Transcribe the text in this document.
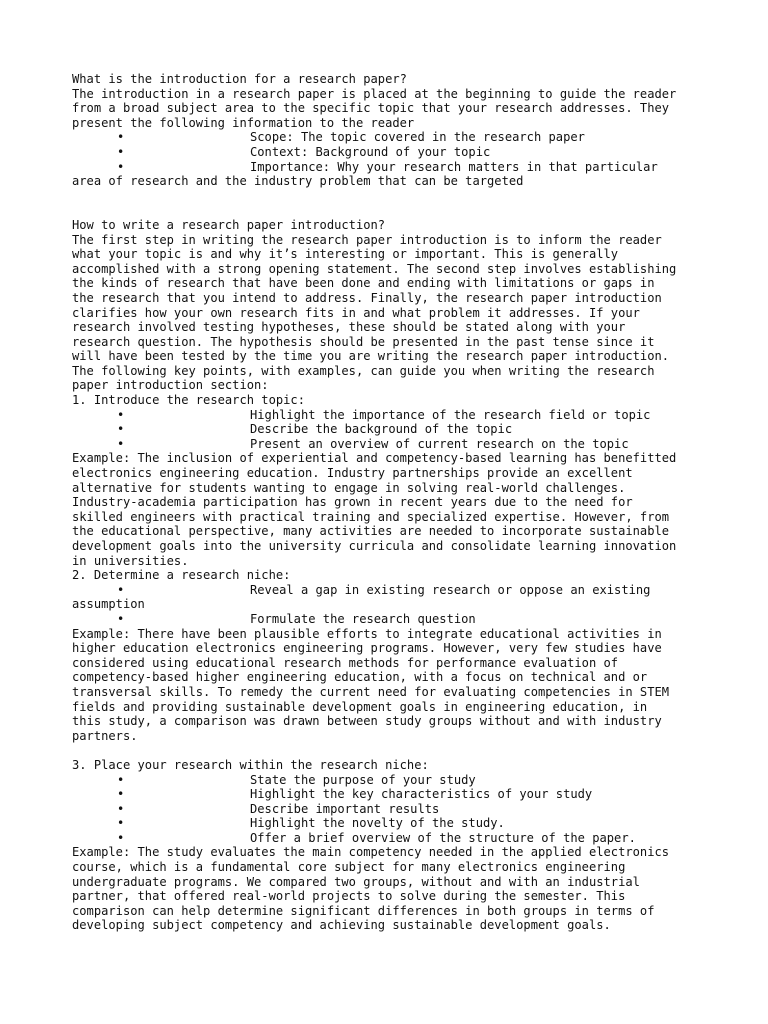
What is the introduction for a research paper?
The introduction in a research paper is placed at the beginning to guide the reader
from a broad subject area to the specific topic that your research addresses. They
present the following information to the reader
•	Scope: The topic covered in the research paper
•	Context: Background of your topic
•	Importance: Why your research matters in that particular
area of research and the industry problem that can be targeted
How to write a research paper introduction?
The first step in writing the research paper introduction is to inform the reader
what your topic is and why it’s interesting or important. This is generally
accomplished with a strong opening statement. The second step involves establishing
the kinds of research that have been done and ending with limitations or gaps in
the research that you intend to address. Finally, the research paper introduction
clarifies how your own research fits in and what problem it addresses. If your
research involved testing hypotheses, these should be stated along with your
research question. The hypothesis should be presented in the past tense since it
will have been tested by the time you are writing the research paper introduction.
The following key points, with examples, can guide you when writing the research
paper introduction section:
1. Introduce the research topic:
•	Highlight the importance of the research field or topic
•	Describe the background of the topic
•	Present an overview of current research on the topic
Example: The inclusion of experiential and competency-based learning has benefitted
electronics engineering education. Industry partnerships provide an excellent
alternative for students wanting to engage in solving real-world challenges.
Industry-academia participation has grown in recent years due to the need for
skilled engineers with practical training and specialized expertise. However, from
the educational perspective, many activities are needed to incorporate sustainable
development goals into the university curricula and consolidate learning innovation
in universities.
2. Determine a research niche:
•	Reveal a gap in existing research or oppose an existing
assumption
•	Formulate the research question
Example: There have been plausible efforts to integrate educational activities in
higher education electronics engineering programs. However, very few studies have
considered using educational research methods for performance evaluation of
competency-based higher engineering education, with a focus on technical and or
transversal skills. To remedy the current need for evaluating competencies in STEM
fields and providing sustainable development goals in engineering education, in
this study, a comparison was drawn between study groups without and with industry
partners.
3. Place your research within the research niche:
•	State the purpose of your study
•	Highlight the key characteristics of your study
•	Describe important results
•	Highlight the novelty of the study.
•	Offer a brief overview of the structure of the paper.
Example: The study evaluates the main competency needed in the applied electronics
course, which is a fundamental core subject for many electronics engineering
undergraduate programs. We compared two groups, without and with an industrial
partner, that offered real-world projects to solve during the semester. This
comparison can help determine significant differences in both groups in terms of
developing subject competency and achieving sustainable development goals.
